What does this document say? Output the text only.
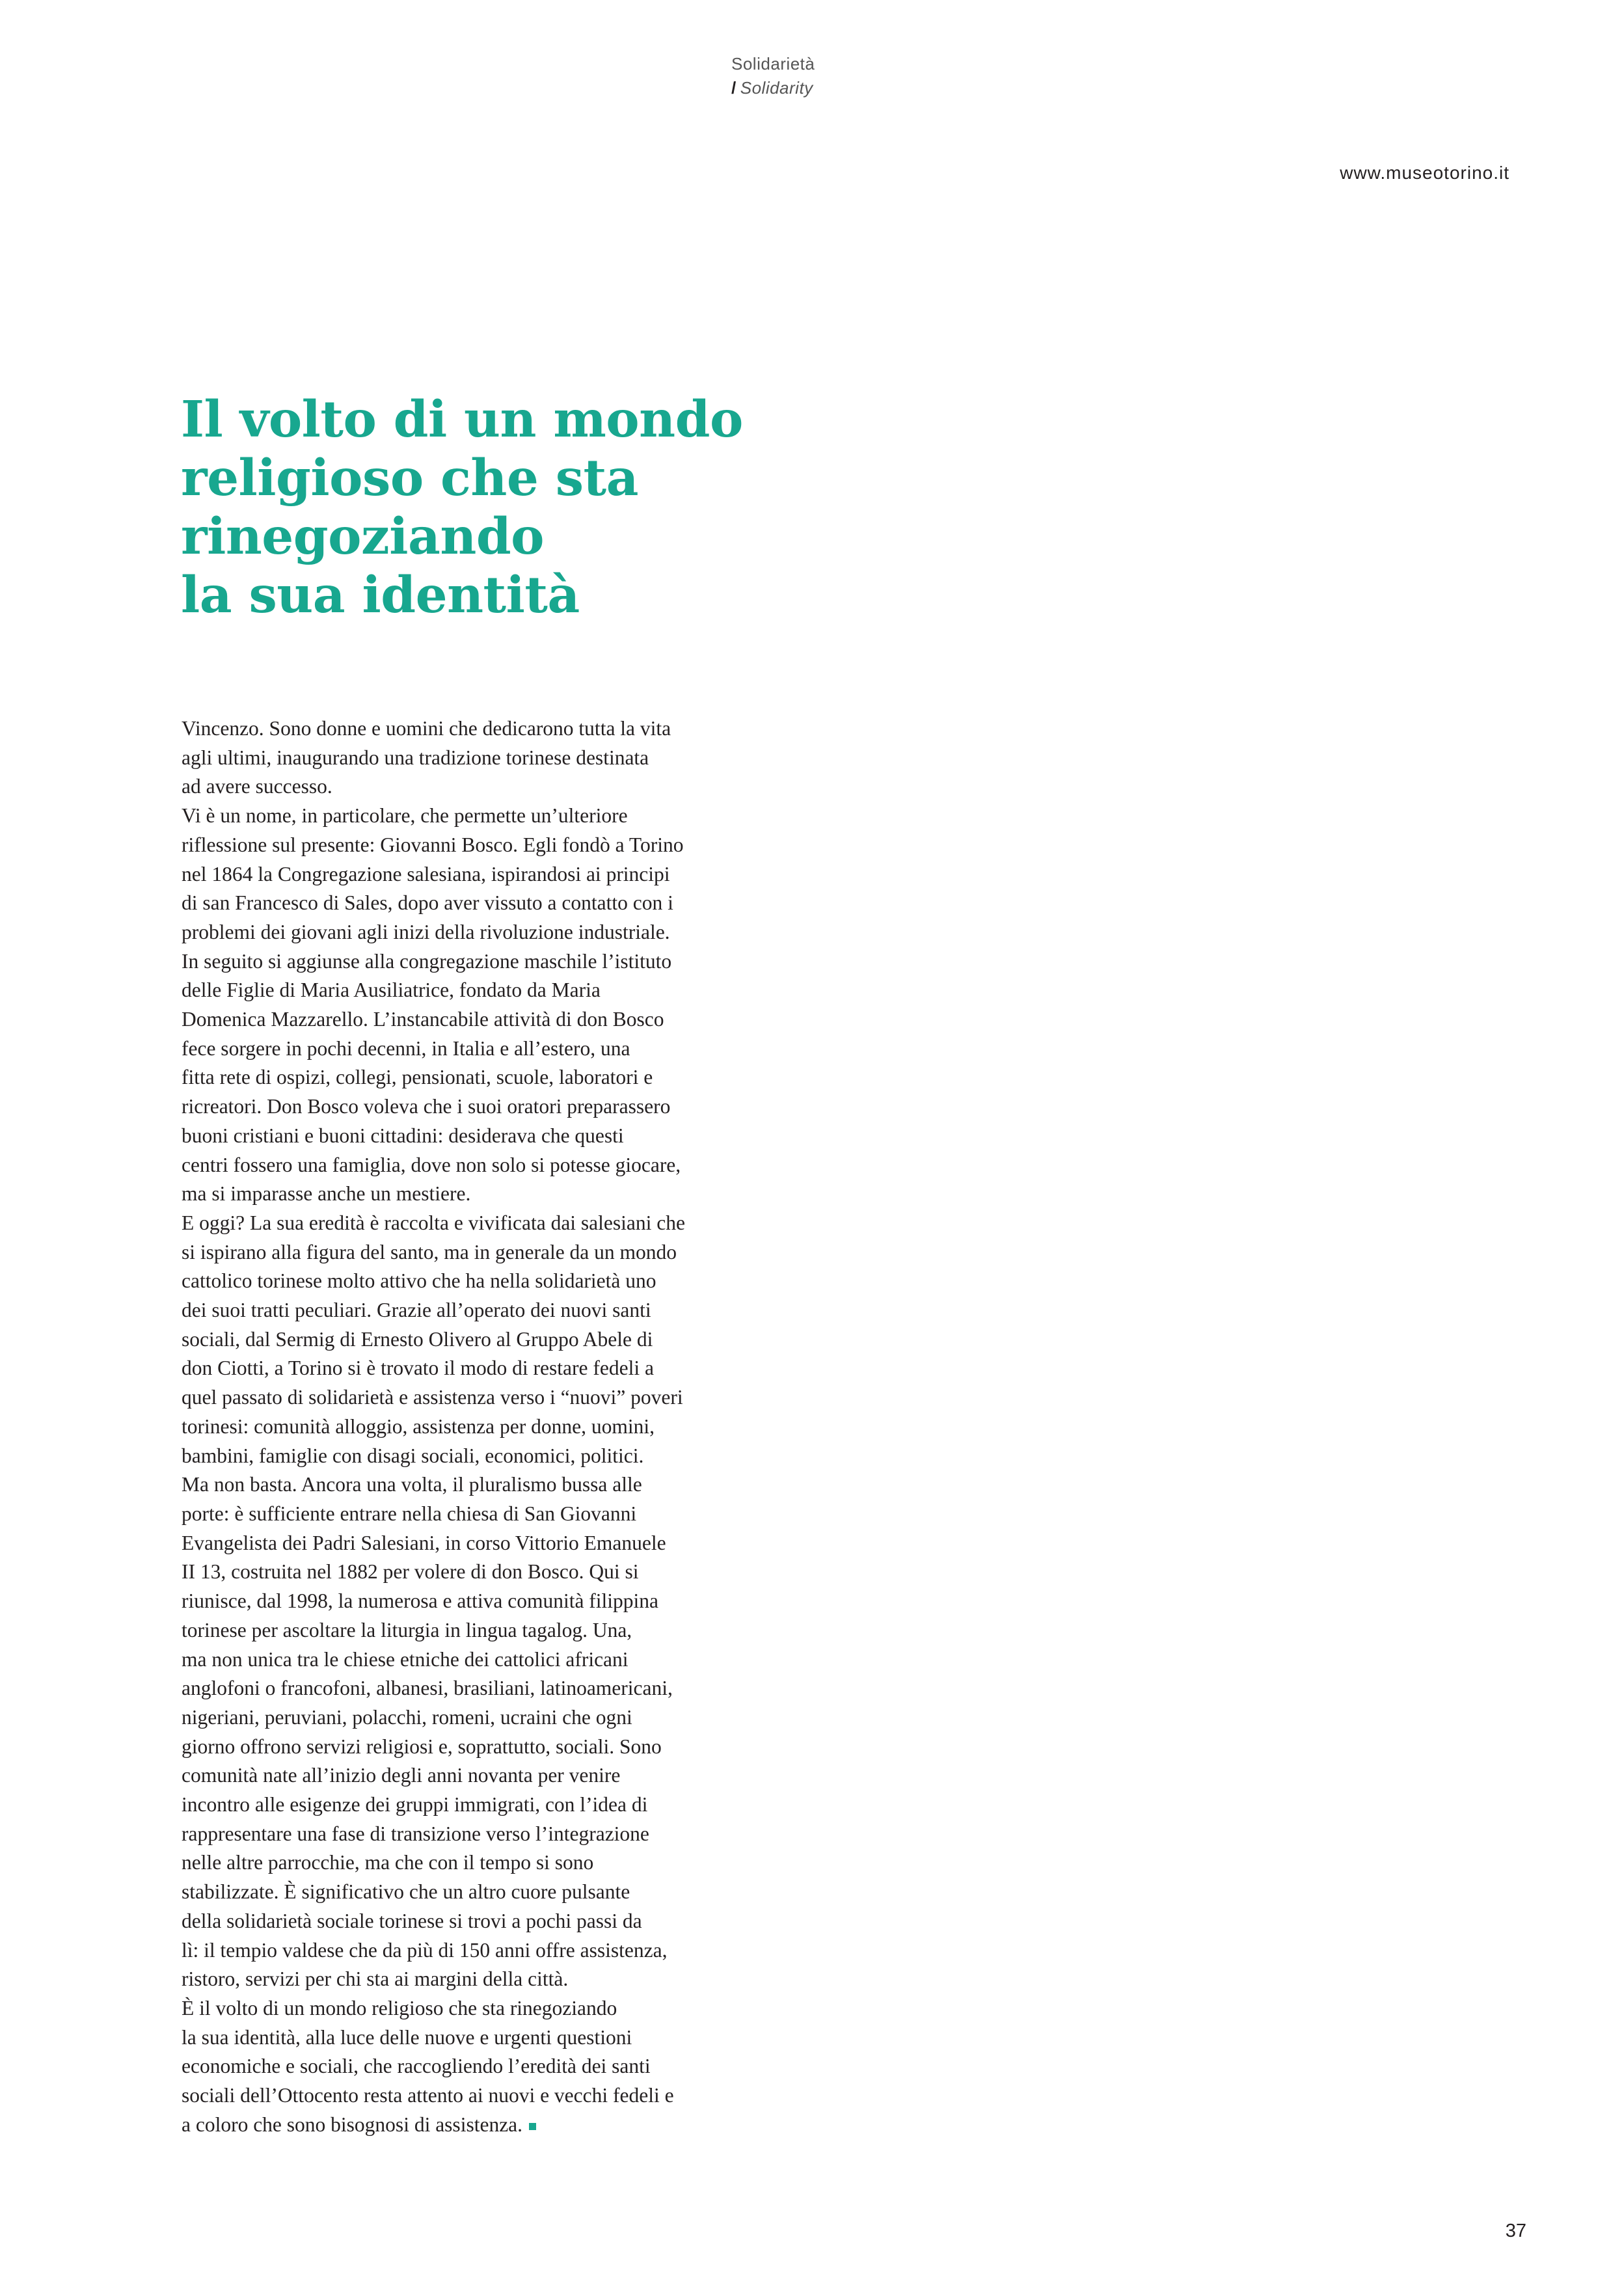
Solidarietà
/ Solidarity
www.museotorino.it
Il volto di un mondo
religioso che sta
rinegoziando
la sua identità
Vincenzo. Sono donne e uomini che dedicarono tutta la vita
agli ultimi, inaugurando una tradizione torinese destinata
ad avere successo.
Vi è un nome, in particolare, che permette un’ulteriore
riflessione sul presente: Giovanni Bosco. Egli fondò a Torino
nel 1864 la Congregazione salesiana, ispirandosi ai principi
di san Francesco di Sales, dopo aver vissuto a contatto con i
problemi dei giovani agli inizi della rivoluzione industriale.
In seguito si aggiunse alla congregazione maschile l’istituto
delle Figlie di Maria Ausiliatrice, fondato da Maria
Domenica Mazzarello. L’instancabile attività di don Bosco
fece sorgere in pochi decenni, in Italia e all’estero, una
fitta rete di ospizi, collegi, pensionati, scuole, laboratori e
ricreatori. Don Bosco voleva che i suoi oratori preparassero
buoni cristiani e buoni cittadini: desiderava che questi
centri fossero una famiglia, dove non solo si potesse giocare,
ma si imparasse anche un mestiere.
E oggi? La sua eredità è raccolta e vivificata dai salesiani che
si ispirano alla figura del santo, ma in generale da un mondo
cattolico torinese molto attivo che ha nella solidarietà uno
dei suoi tratti peculiari. Grazie all’operato dei nuovi santi
sociali, dal Sermig di Ernesto Olivero al Gruppo Abele di
don Ciotti, a Torino si è trovato il modo di restare fedeli a
quel passato di solidarietà e assistenza verso i “nuovi” poveri
torinesi: comunità alloggio, assistenza per donne, uomini,
bambini, famiglie con disagi sociali, economici, politici.
Ma non basta. Ancora una volta, il pluralismo bussa alle
porte: è sufficiente entrare nella chiesa di San Giovanni
Evangelista dei Padri Salesiani, in corso Vittorio Emanuele
II 13, costruita nel 1882 per volere di don Bosco. Qui si
riunisce, dal 1998, la numerosa e attiva comunità filippina
torinese per ascoltare la liturgia in lingua tagalog. Una,
ma non unica tra le chiese etniche dei cattolici africani
anglofoni o francofoni, albanesi, brasiliani, latinoamericani,
nigeriani, peruviani, polacchi, romeni, ucraini che ogni
giorno offrono servizi religiosi e, soprattutto, sociali. Sono
comunità nate all’inizio degli anni novanta per venire
incontro alle esigenze dei gruppi immigrati, con l’idea di
rappresentare una fase di transizione verso l’integrazione
nelle altre parrocchie, ma che con il tempo si sono
stabilizzate. È significativo che un altro cuore pulsante
della solidarietà sociale torinese si trovi a pochi passi da
lì: il tempio valdese che da più di 150 anni offre assistenza,
ristoro, servizi per chi sta ai margini della città.
È il volto di un mondo religioso che sta rinegoziando
la sua identità, alla luce delle nuove e urgenti questioni
economiche e sociali, che raccogliendo l’eredità dei santi
sociali dell’Ottocento resta attento ai nuovi e vecchi fedeli e
a coloro che sono bisognosi di assistenza.
37
